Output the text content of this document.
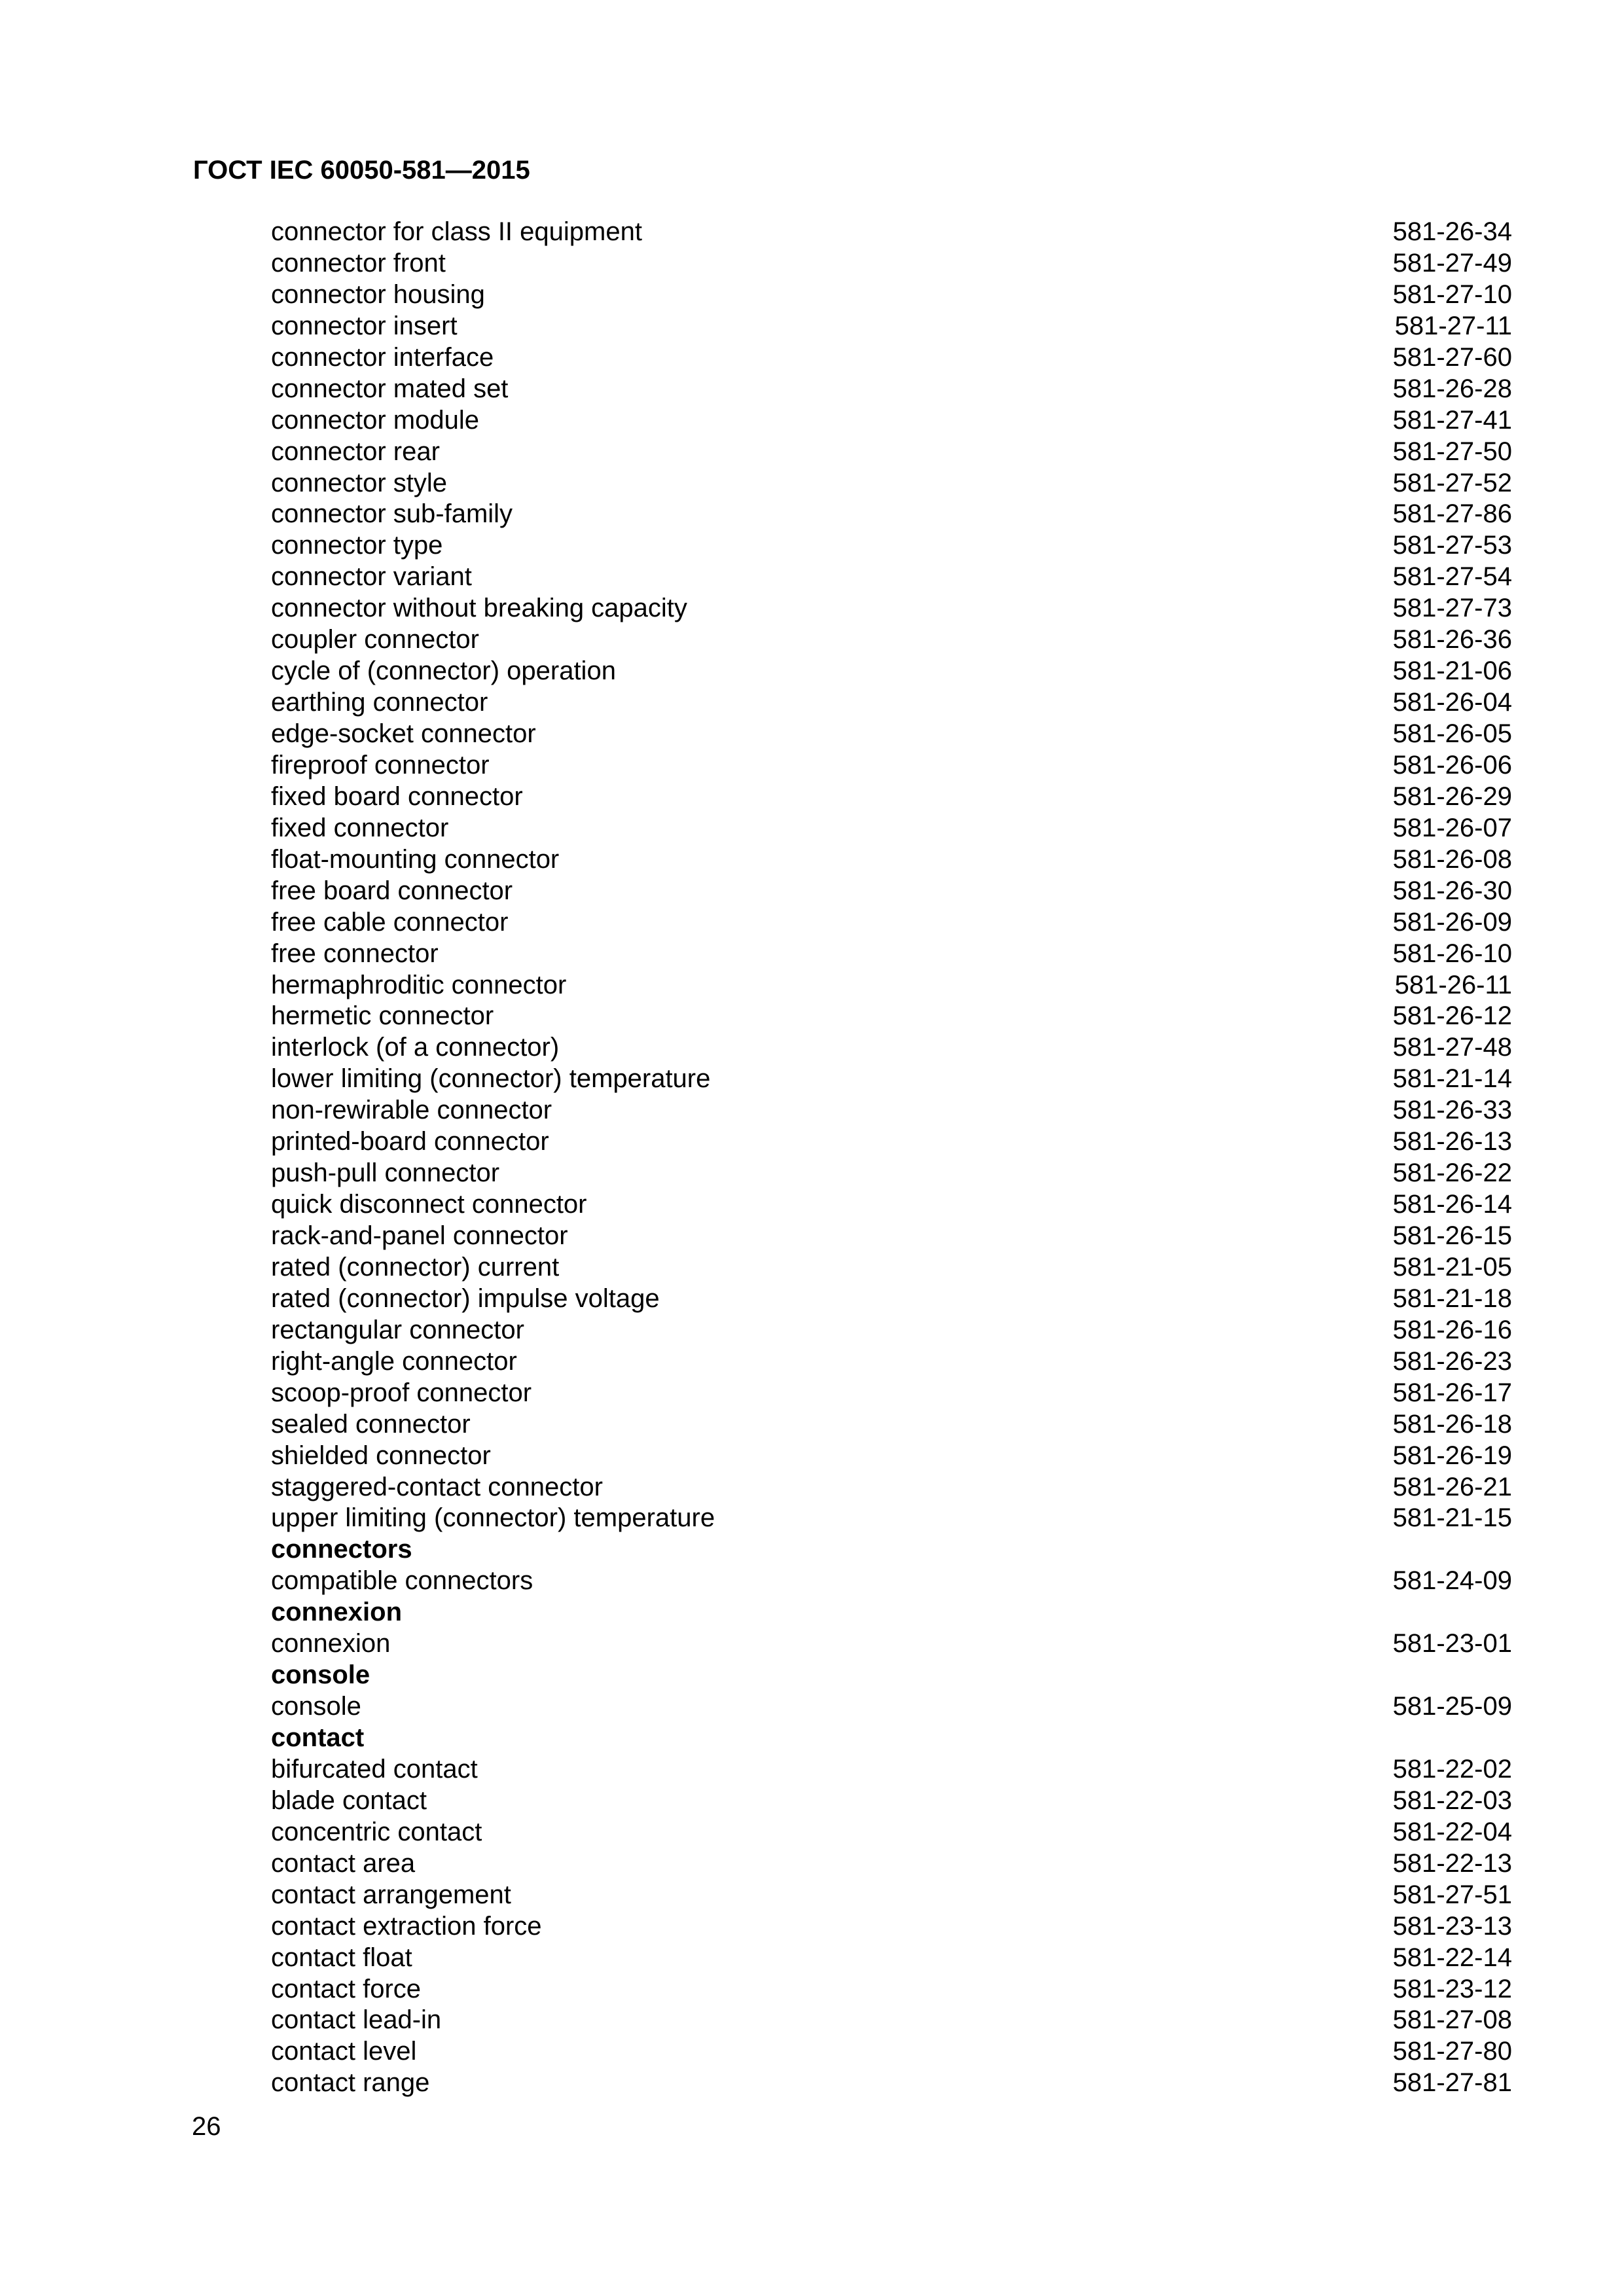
ГОСТ IEC 60050-581—2015
connector for class II equipment	581-26-34
connector front	581-27-49
connector housing	581-27-10
connector insert	581-27-11
connector interface	581-27-60
connector mated set	581-26-28
connector module	581-27-41
connector rear	581-27-50
connector style	581-27-52
connector sub-family	581-27-86
connector type	581-27-53
connector variant	581-27-54
connector without breaking capacity	581-27-73
coupler connector	581-26-36
cycle of (connector) operation	581-21-06
earthing connector	581-26-04
edge-socket connector	581-26-05
fireproof connector	581-26-06
fixed board connector	581-26-29
fixed connector	581-26-07
float-mounting connector	581-26-08
free board connector	581-26-30
free cable connector	581-26-09
free connector	581-26-10
hermaphroditic connector	581-26-11
hermetic connector	581-26-12
interlock (of a connector)	581-27-48
lower limiting (connector) temperature	581-21-14
non-rewirable connector	581-26-33
printed-board connector	581-26-13
push-pull connector	581-26-22
quick disconnect connector	581-26-14
rack-and-panel connector	581-26-15
rated (connector) current	581-21-05
rated (connector) impulse voltage	581-21-18
rectangular connector	581-26-16
right-angle connector	581-26-23
scoop-proof connector	581-26-17
sealed connector	581-26-18
shielded connector	581-26-19
staggered-contact connector	581-26-21
upper limiting (connector) temperature	581-21-15
connectors
compatible connectors	581-24-09
connexion
connexion	581-23-01
console
console	581-25-09
contact
bifurcated contact	581-22-02
blade contact	581-22-03
concentric contact	581-22-04
contact area	581-22-13
contact arrangement	581-27-51
contact extraction force	581-23-13
contact float	581-22-14
contact force	581-23-12
contact lead-in	581-27-08
contact level	581-27-80
contact range	581-27-81
26
